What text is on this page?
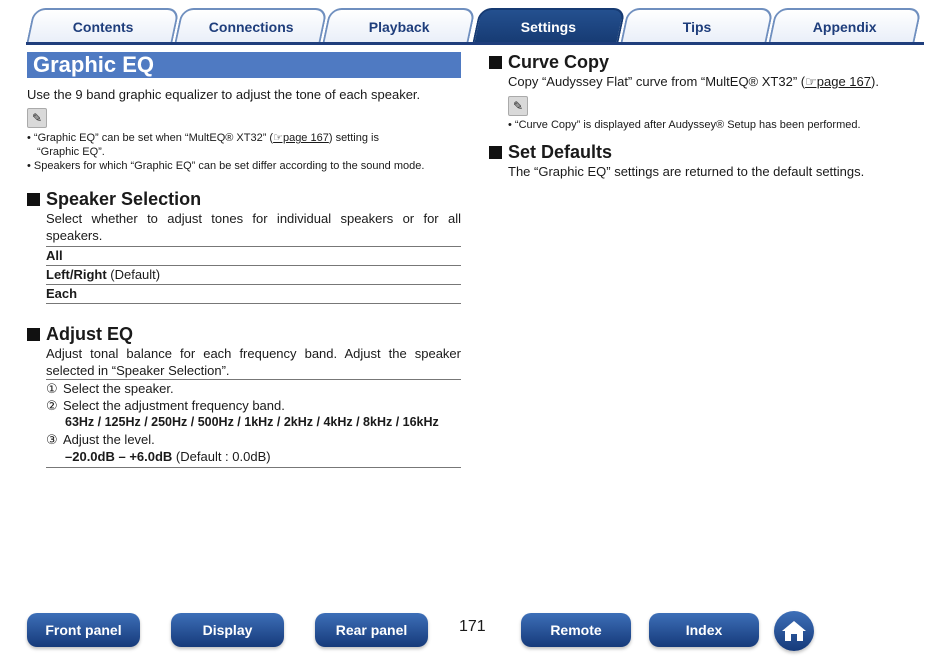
Contents	Connections	Playback	Settings	Tips	Appendix
Graphic EQ

Use the 9 band graphic equalizer to adjust the tone of each speaker.

✎
• “Graphic EQ” can be set when “MultEQ® XT32” (☞page 167) setting is
“Graphic EQ”.
• Speakers for which “Graphic EQ” can be set differ according to the sound mode.
Speaker Selection

Select whether to adjust tones for individual speakers or for all speakers.

All
Left/Right (Default)
Each
Adjust EQ

Adjust tonal balance for each frequency band. Adjust the speaker selected in “Speaker Selection”.

① Select the speaker.
② Select the adjustment frequency band.
63Hz / 125Hz / 250Hz / 500Hz / 1kHz / 2kHz / 4kHz / 8kHz / 16kHz
③ Adjust the level.
–20.0dB – +6.0dB (Default : 0.0dB)
Curve Copy

Copy “Audyssey Flat” curve from “MultEQ® XT32” (☞page 167).

✎
• “Curve Copy” is displayed after Audyssey® Setup has been performed.
Set Defaults

The “Graphic EQ” settings are returned to the default settings.

Front panel	Display	Rear panel	171	Remote	Index
